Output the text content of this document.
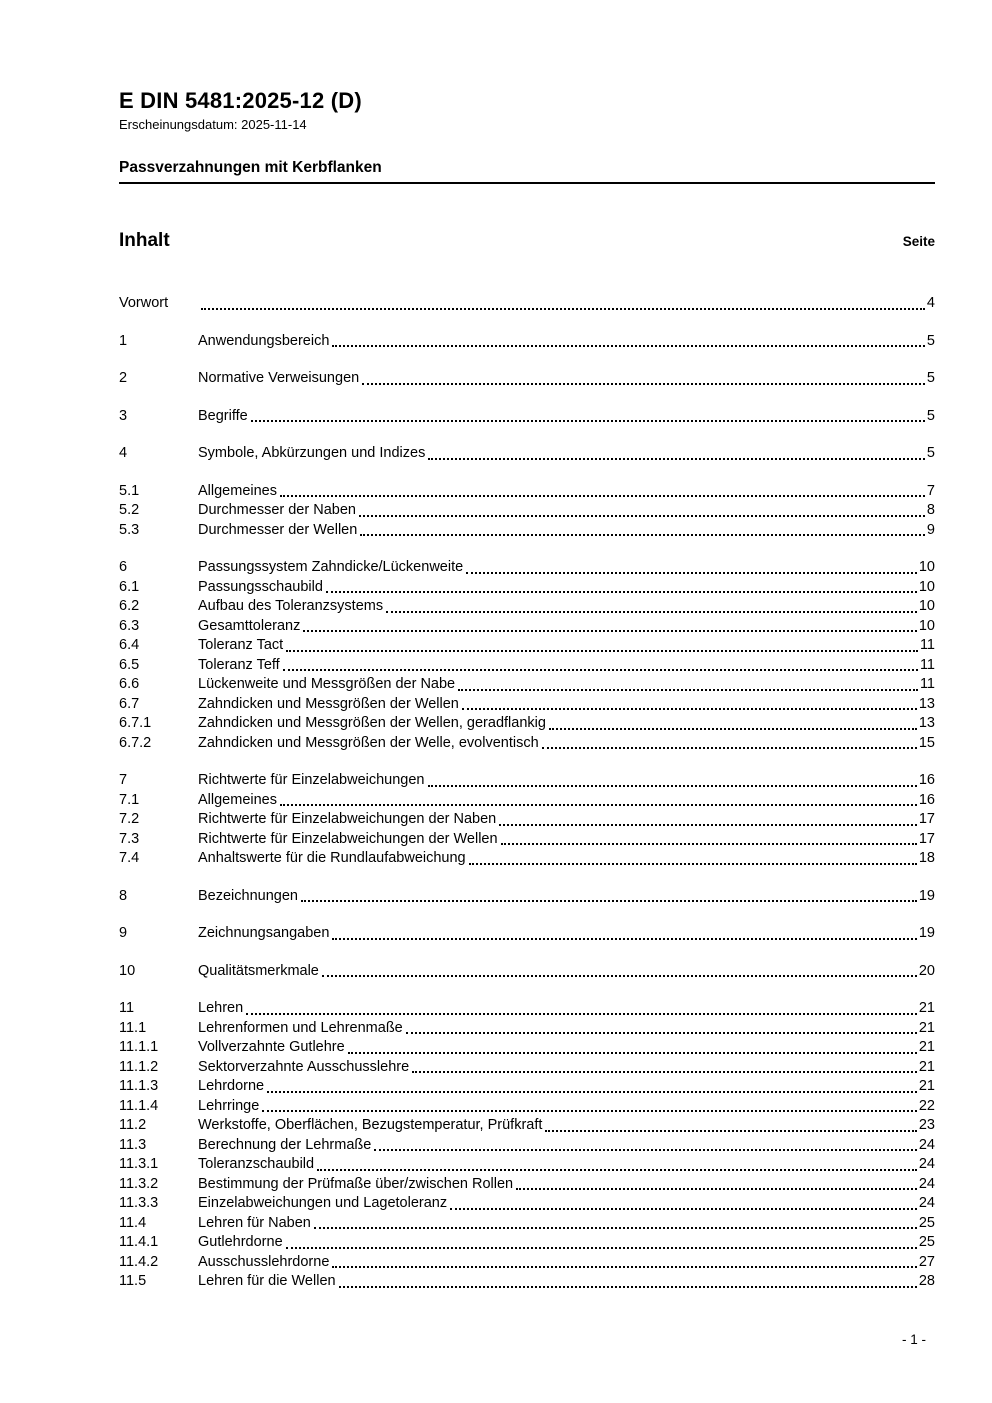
E DIN 5481:2025-12 (D)
Erscheinungsdatum: 2025-11-14
Passverzahnungen mit Kerbflanken
Inhalt	Seite
Vorwort	4
1	Anwendungsbereich	5
2	Normative Verweisungen	5
3	Begriffe	5
4	Symbole, Abkürzungen und Indizes	5
5.1	Allgemeines	7
5.2	Durchmesser der Naben	8
5.3	Durchmesser der Wellen	9
6	Passungssystem Zahndicke/Lückenweite	10
6.1	Passungsschaubild	10
6.2	Aufbau des Toleranzsystems	10
6.3	Gesamttoleranz	10
6.4	Toleranz Tact	11
6.5	Toleranz Teff	11
6.6	Lückenweite und Messgrößen der Nabe	11
6.7	Zahndicken und Messgrößen der Wellen	13
6.7.1	Zahndicken und Messgrößen der Wellen, geradflankig	13
6.7.2	Zahndicken und Messgrößen der Welle, evolventisch	15
7	Richtwerte für Einzelabweichungen	16
7.1	Allgemeines	16
7.2	Richtwerte für Einzelabweichungen der Naben	17
7.3	Richtwerte für Einzelabweichungen der Wellen	17
7.4	Anhaltswerte für die Rundlaufabweichung	18
8	Bezeichnungen	19
9	Zeichnungsangaben	19
10	Qualitätsmerkmale	20
11	Lehren	21
11.1	Lehrenformen und Lehrenmaße	21
11.1.1	Vollverzahnte Gutlehre	21
11.1.2	Sektorverzahnte Ausschusslehre	21
11.1.3	Lehrdorne	21
11.1.4	Lehrringe	22
11.2	Werkstoffe, Oberflächen, Bezugstemperatur, Prüfkraft	23
11.3	Berechnung der Lehrmaße	24
11.3.1	Toleranzschaubild	24
11.3.2	Bestimmung der Prüfmaße über/zwischen Rollen	24
11.3.3	Einzelabweichungen und Lagetoleranz	24
11.4	Lehren für Naben	25
11.4.1	Gutlehrdorne	25
11.4.2	Ausschusslehrdorne	27
11.5	Lehren für die Wellen	28
- 1 -
